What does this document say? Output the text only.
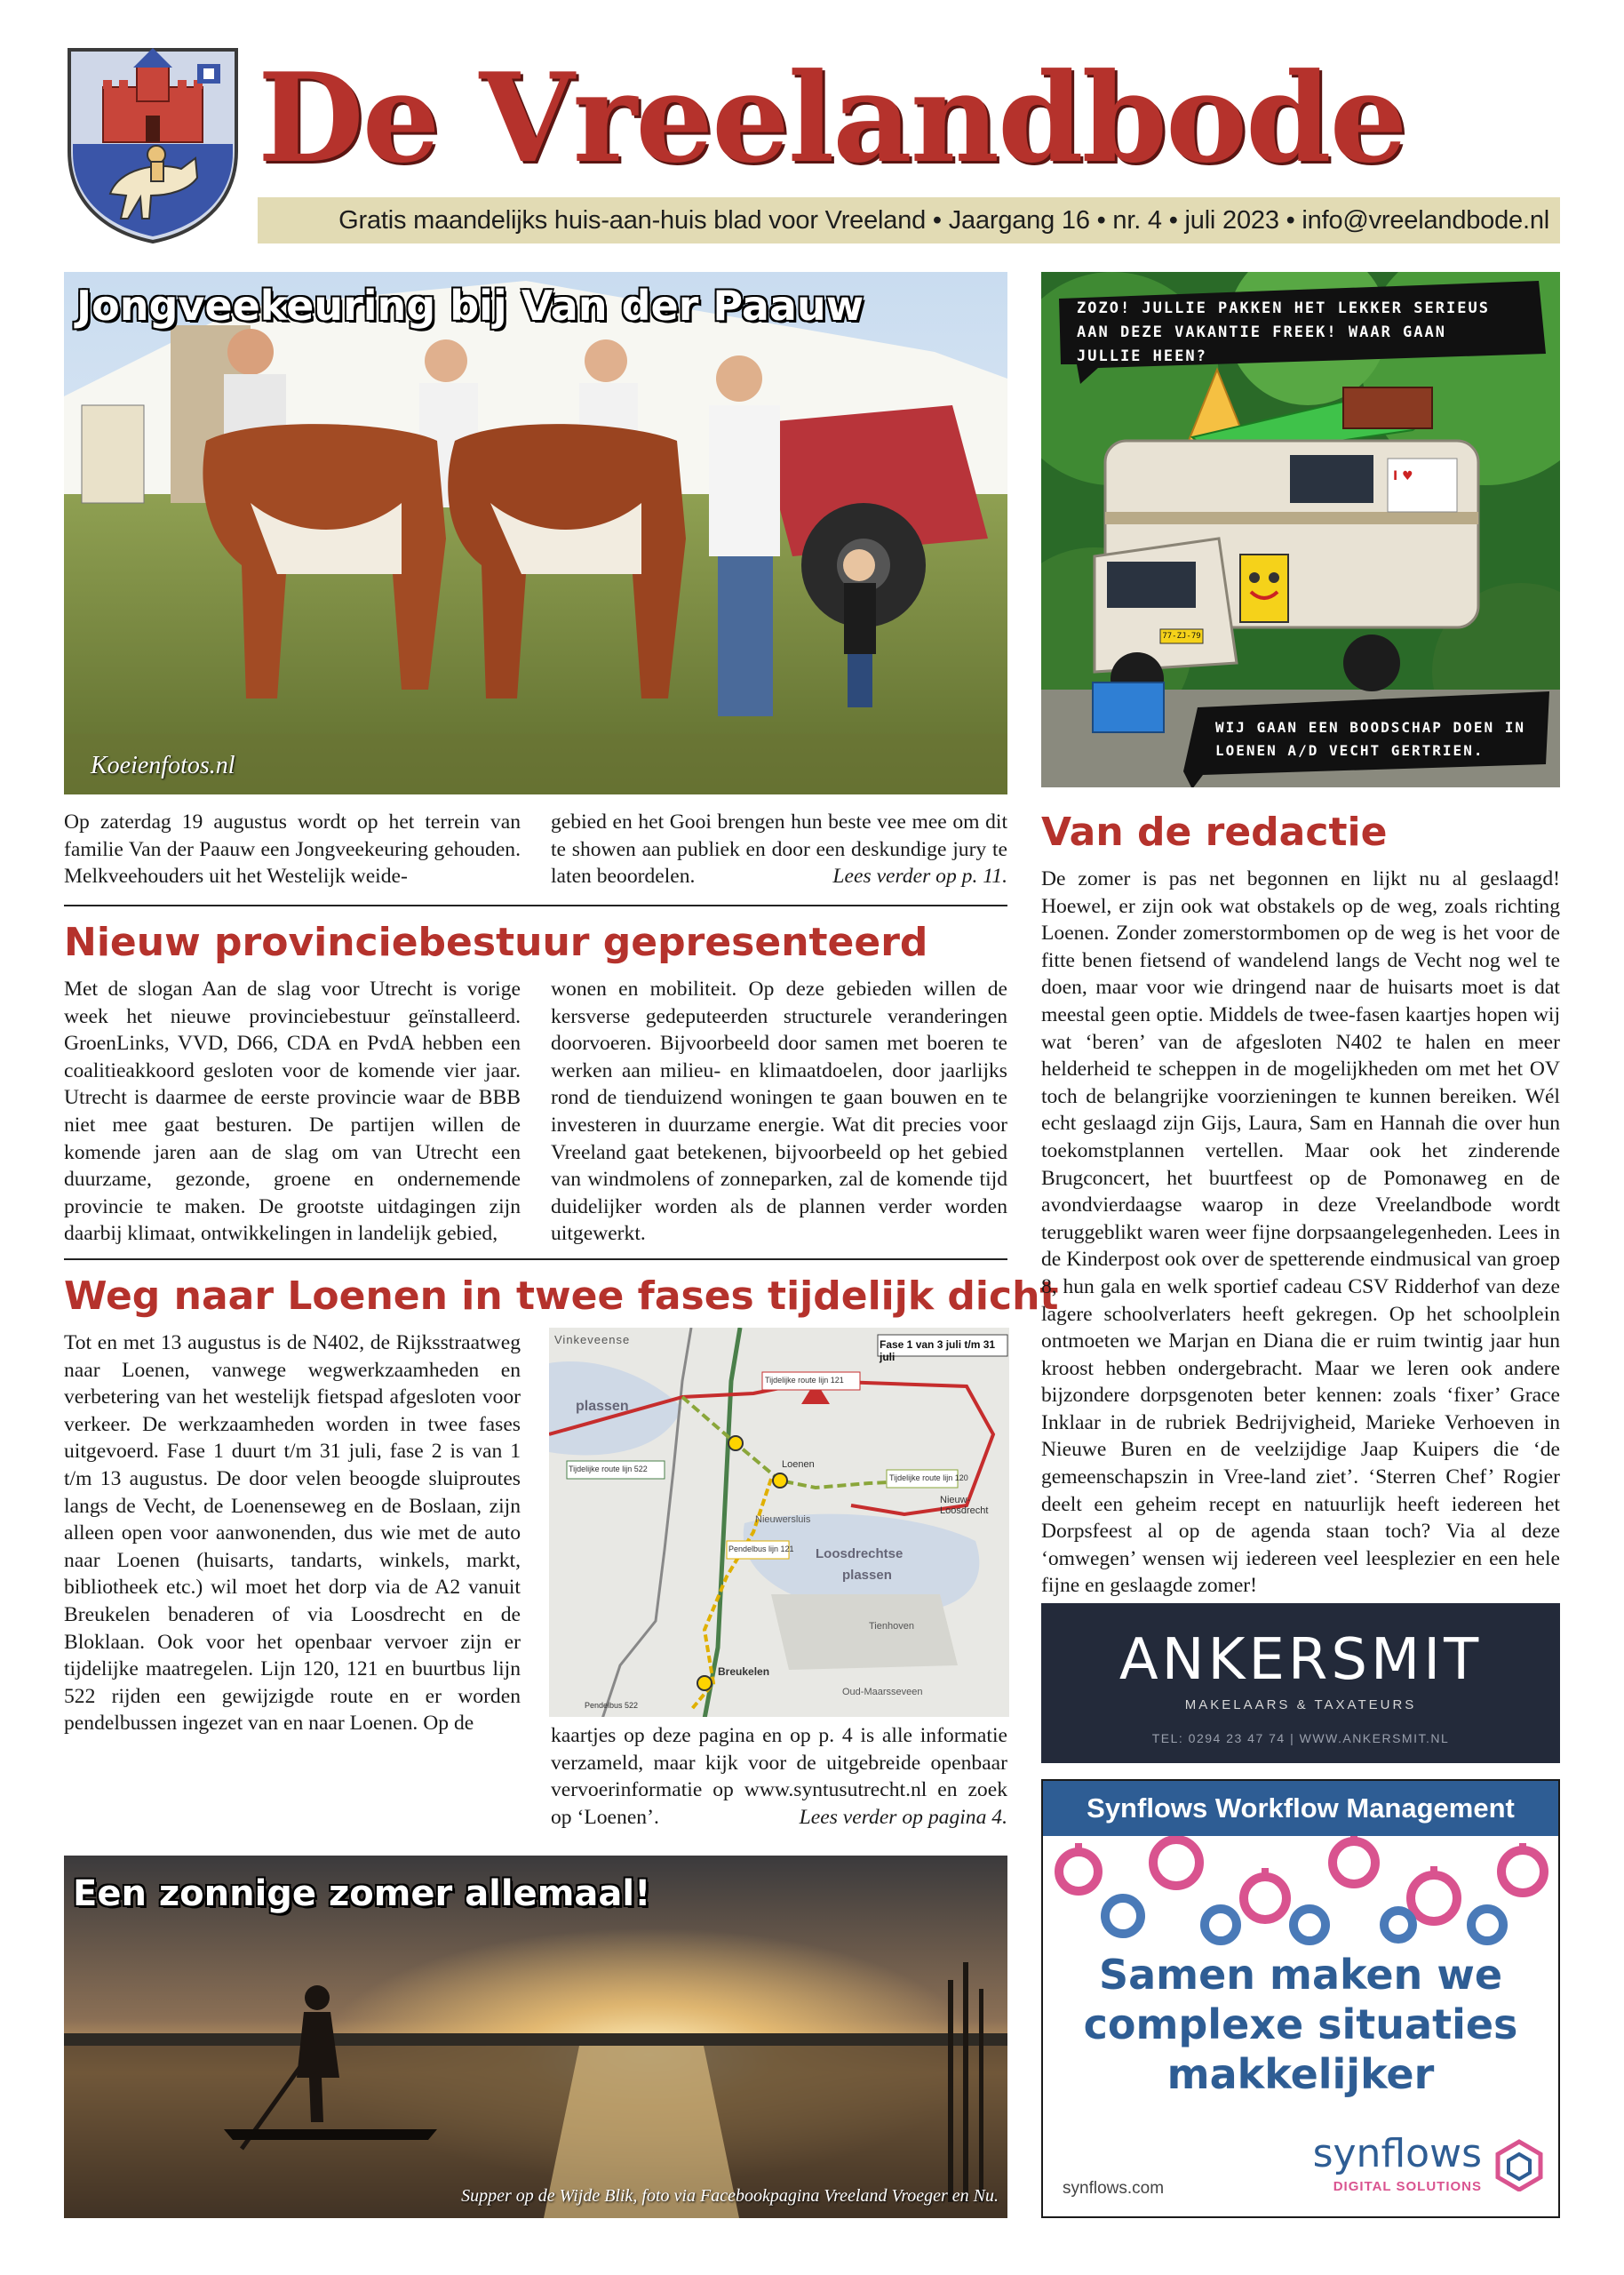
De Vreelandbode
Gratis maandelijks huis-aan-huis blad voor Vreeland • Jaargang 16 • nr. 4 • juli 2023 • info@vreelandbode.nl
Jongveekeuring bij Van der Paauw
Koeienfotos.nl
Op zaterdag 19 augustus wordt op het terrein van familie Van der Paauw een Jongveekeuring gehouden. Melkveehouders uit het Westelijk weide-
gebied en het Gooi brengen hun beste vee mee om dit te showen aan publiek en door een deskundige jury te laten beoordelen.	Lees verder op p. 11.
Nieuw provinciebestuur gepresenteerd
Met de slogan Aan de slag voor Utrecht is vorige week het nieuwe provinciebestuur geïnstalleerd. GroenLinks, VVD, D66, CDA en PvdA hebben een coalitieakkoord gesloten voor de komende vier jaar. Utrecht is daarmee de eerste provincie waar de BBB niet mee gaat besturen. De partijen willen de komende jaren aan de slag om van Utrecht een duurzame, gezonde, groene en ondernemende provincie te maken. De grootste uitdagingen zijn daarbij klimaat, ontwikkelingen in landelijk gebied,
wonen en mobiliteit. Op deze gebieden willen de kersverse gedeputeerden structurele veranderingen doorvoeren. Bijvoorbeeld door samen met boeren te werken aan milieu- en klimaatdoelen, door jaarlijks rond de tienduizend woningen te gaan bouwen en te investeren in duurzame energie. Wat dit precies voor Vreeland gaat betekenen, bijvoorbeeld op het gebied van windmolens of zonneparken, zal de komende tijd duidelijker worden als de plannen verder worden uitgewerkt.
Weg naar Loenen in twee fases tijdelijk dicht
Tot en met 13 augustus is de N402, de Rijksstraatweg naar Loenen, vanwege wegwerkzaamheden en verbetering van het westelijk fietspad afgesloten voor verkeer. De werkzaamheden worden in twee fases uitgevoerd. Fase 1 duurt t/m 31 juli, fase 2 is van 1 t/m 13 augustus. De door velen beoogde sluiproutes langs de Vecht, de Loenenseweg en de Boslaan, zijn alleen open voor aanwonenden, dus wie met de auto naar Loenen (huisarts, tandarts, winkels, markt, bibliotheek etc.) wil moet het dorp via de A2 vanuit Breukelen benaderen of via Loosdrecht en de Bloklaan. Ook voor het openbaar vervoer zijn er tijdelijke maatregelen. Lijn 120, 121 en buurtbus lijn 522 rijden een gewijzigde route en er worden pendelbussen ingezet van en naar Loenen. Op de
Fase 1 van 3 juli t/m 31 juli
Vinkeveense
plassen
Loosdrechtse
plassen
Breukelen
Nieuw-Loosdrecht
Tienhoven
Oud-Maarsseveen
Nieuwersluis
Loenen
Tijdelijke route lijn 522
Tijdelijke route lijn 121
Tijdelijke route lijn 120
Pendelbus lijn 121
Pendelbus 522
kaartjes op deze pagina en op p. 4 is alle informatie verzameld, maar kijk voor de uitgebreide openbaar vervoerinformatie op www.syntusutrecht.nl en zoek op ‘Loenen’.	Lees verder op pagina 4.
Een zonnige zomer allemaal!
Supper op de Wijde Blik, foto via Facebookpagina Vreeland Vroeger en Nu.
ZOZO! JULLIE PAKKEN HET LEKKER SERIEUS AAN DEZE VAKANTIE FREEK! WAAR GAAN JULLIE HEEN?
I ♥
77-ZJ-79
WIJ GAAN EEN BOODSCHAP DOEN IN LOENEN A/D VECHT GERTRIEN.
Van de redactie
De zomer is pas net begonnen en lijkt nu al geslaagd! Hoewel, er zijn ook wat obstakels op de weg, zoals richting Loenen. Zonder zomerstormbomen op de weg is het voor de fitte benen fietsend of wandelend langs de Vecht nog wel te doen, maar voor wie dringend naar de huisarts moet is dat meestal geen optie. Middels de twee-fasen kaartjes hopen wij wat ‘beren’ van de afgesloten N402 te halen en meer helderheid te scheppen in de mogelijkheden om met het OV toch de belangrijke voorzieningen te kunnen bereiken. Wél echt geslaagd zijn Gijs, Laura, Sam en Hannah die over hun toekomstplannen vertellen. Maar ook het zinderende Brugconcert, het buurtfeest op de Pomonaweg en de avondvierdaagse waarop in deze Vreelandbode wordt teruggeblikt waren weer fijne dorpsaangelegenheden. Lees in de Kinderpost ook over de spetterende eindmusical van groep 8, hun gala en welk sportief cadeau CSV Ridderhof van deze lagere schoolverlaters heeft gekregen. Op het schoolplein ontmoeten we Marjan en Diana die er ruim twintig jaar hun kroost hebben ondergebracht. Maar we leren ook andere bijzondere dorpsgenoten beter kennen: zoals ‘fixer’ Grace Inklaar in de rubriek Bedrijvigheid, Marieke Verhoeven in Nieuwe Buren en de veelzijdige Jaap Kuipers die ‘de gemeenschapszin in Vree-land ziet’. ‘Sterren Chef’ Rogier deelt een geheim recept en natuurlijk heeft iedereen het Dorpsfeest al op de agenda staan toch? Via al deze ‘omwegen’ wensen wij iedereen veel leesplezier en een hele fijne en geslaagde zomer!
ANKERSMIT
MAKELAARS & TAXATEURS
TEL: 0294 23 47 74 | WWW.ANKERSMIT.NL
Synflows Workflow Management
Samen maken we
complexe situaties
makkelijker
synflows.com
synflows
DIGITAL SOLUTIONS
